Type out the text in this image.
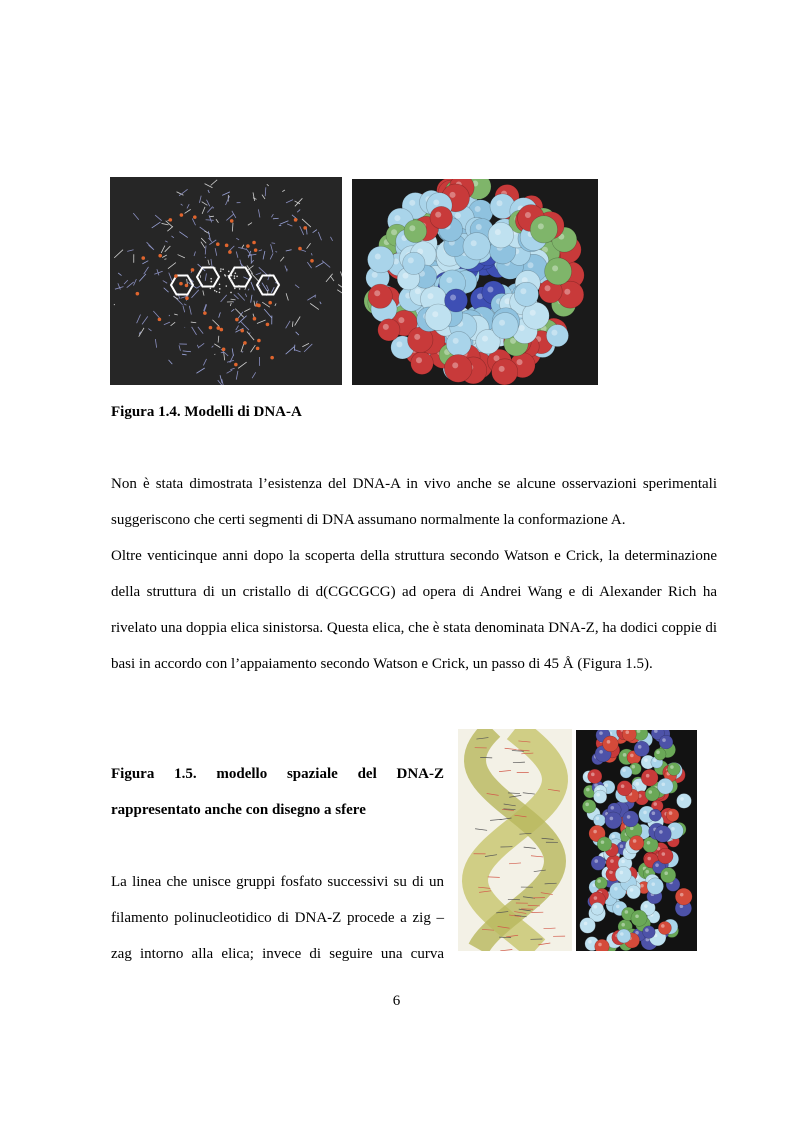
Figura 1.4. Modelli di DNA-A

Non è stata dimostrata l’esistenza del DNA-A in vivo anche se alcune osservazioni sperimentali suggeriscono che certi segmenti di DNA assumano normalmente la conformazione A.

Oltre venticinque anni dopo la scoperta della struttura secondo Watson e Crick, la determinazione della struttura di un cristallo di d(CGCGCG) ad opera di Andrei Wang e di Alexander Rich ha rivelato una doppia elica sinistorsa. Questa elica, che è stata denominata DNA-Z, ha dodici coppie di basi in accordo con l’appaiamento secondo Watson e Crick, un passo di 45 Å (Figura 1.5).

Figura 1.5. modello spaziale del DNA-Z
rappresentato anche con disegno a sfere
La linea che unisce gruppi fosfato successivi su di un
filamento polinucleotidico di DNA-Z procede a zig –
zag intorno alla elica; invece di seguire una curva
6
